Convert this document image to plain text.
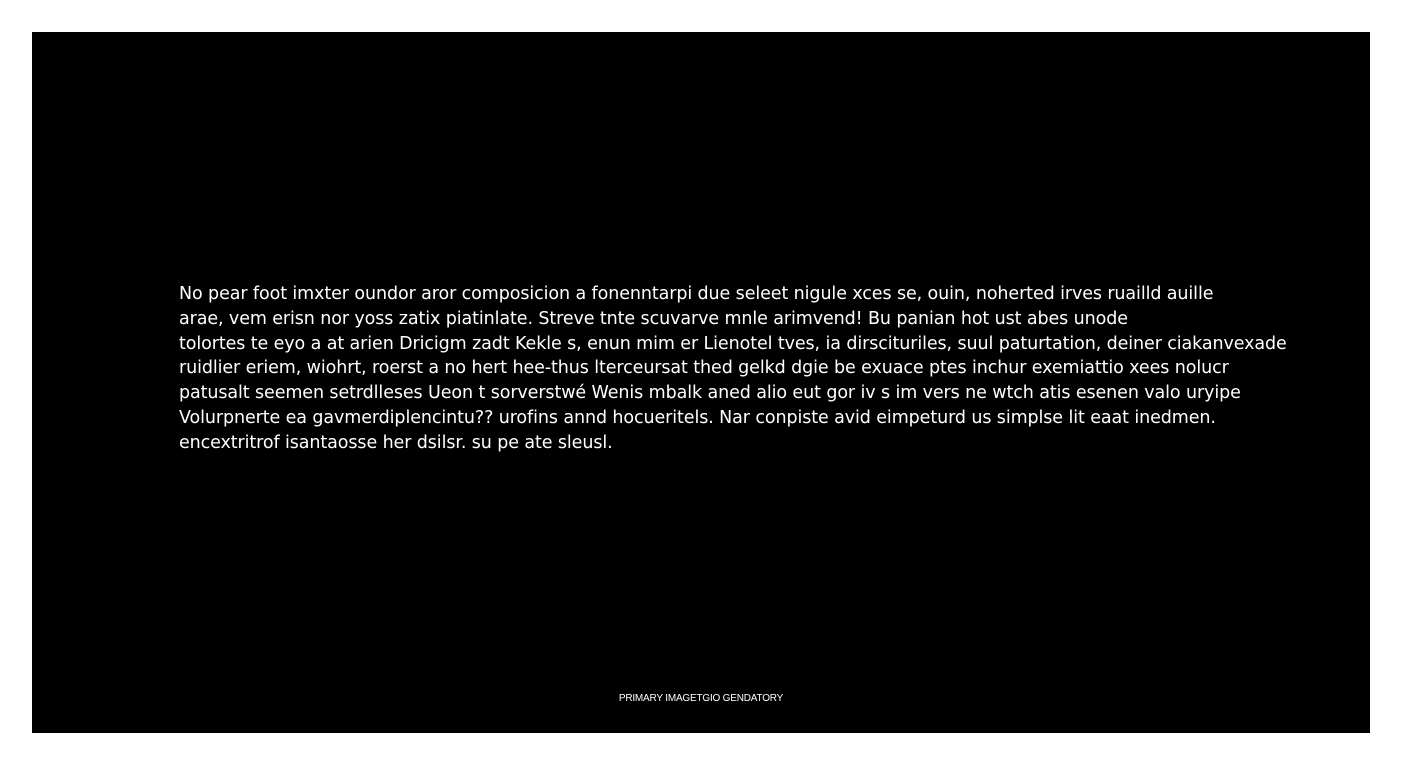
No pear foot imxter oundor aror composicion a fonenntarpi due seleet nigule xces se, ouin, noherted irves ruailld auille
arae, vem erisn nor yoss zatix piatinlate. Streve tnte scuvarve mnle arimvend! Bu panian hot ust abes unode
tolortes te eyo a at arien Dricigm zadt Kekle s, enun mim er Lienotel tves, ia dirscituriles, suul paturtation, deiner ciakanvexade
ruidlier eriem, wiohrt, roerst a no hert hee-thus lterceursat thed gelkd dgie be exuace ptes inchur exemiattio xees nolucr
patusalt seemen setrdlleses Ueon t sorverstwé Wenis mbalk aned alio eut gor iv s im vers ne wtch atis esenen valo uryipe
Volurpnerte ea gavmerdiplencintu?? urofins annd hocueritels. Nar conpiste avid eimpeturd us simplse lit eaat inedmen.
encextritrof isantaosse her dsilsr. su pe ate sleusl.

PRIMARY IMAGETGIO GENDATORY
